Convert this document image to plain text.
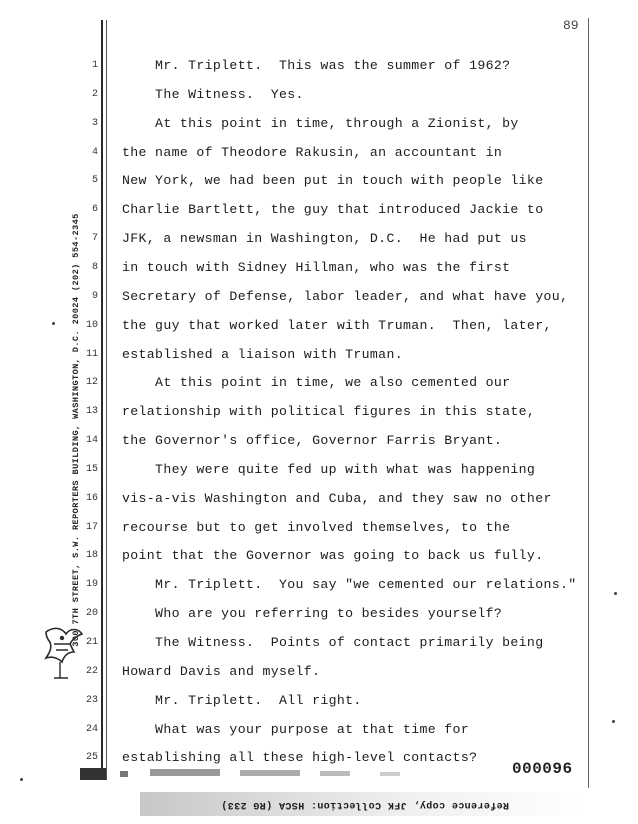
89
300 7TH STREET, S.W. REPORTERS BUILDING, WASHINGTON, D.C. 20024 (202) 554-2345
1
2
3
4
5
6
7
8
9
10
11
12
13
14
15
16
17
18
19
20
21
22
23
24
25
Mr. Triplett.  This was the summer of 1962?
The Witness.  Yes.
At this point in time, through a Zionist, by
the name of Theodore Rakusin, an accountant in
New York, we had been put in touch with people like
Charlie Bartlett, the guy that introduced Jackie to
JFK, a newsman in Washington, D.C.  He had put us
in touch with Sidney Hillman, who was the first
Secretary of Defense, labor leader, and what have you,
the guy that worked later with Truman.  Then, later,
established a liaison with Truman.
At this point in time, we also cemented our
relationship with political figures in this state,
the Governor's office, Governor Farris Bryant.
They were quite fed up with what was happening
vis-a-vis Washington and Cuba, and they saw no other
recourse but to get involved themselves, to the
point that the Governor was going to back us fully.
Mr. Triplett.  You say "we cemented our relations."
Who are you referring to besides yourself?
The Witness.  Points of contact primarily being
Howard Davis and myself.
Mr. Triplett.  All right.
What was your purpose at that time for
establishing all these high-level contacts?
000096
Reference copy, JFK Collection: HSCA (RG 233)
